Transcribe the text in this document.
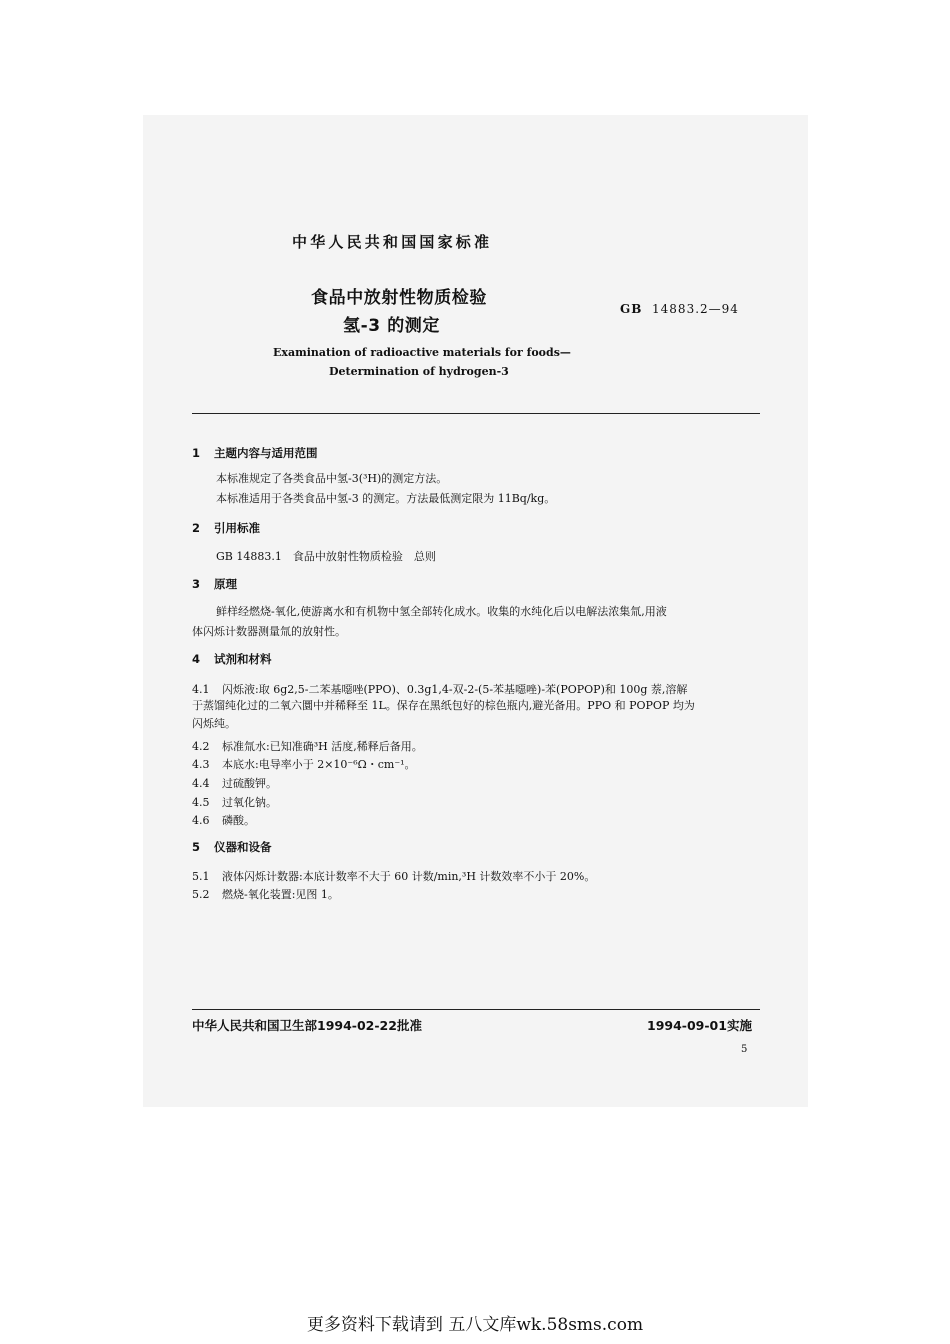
中华人民共和国国家标准
食品中放射性物质检验
氢-3 的测定
GB 14883.2—94
Examination of radioactive materials for foods—
Determination of hydrogen-3
1 主题内容与适用范围
本标准规定了各类食品中氢-3(³H)的测定方法。
本标准适用于各类食品中氢-3 的测定。方法最低测定限为 11Bq/kg。
2 引用标准
GB 14883.1　食品中放射性物质检验　总则
3 原理
鲜样经燃烧-氧化,使游离水和有机物中氢全部转化成水。收集的水纯化后以电解法浓集氚,用液
体闪烁计数器测量氚的放射性。
4 试剂和材料
4.1 闪烁液:取 6g2,5-二苯基噁唑(PPO)、0.3g1,4-双-2-(5-苯基噁唑)-苯(POPOP)和 100g 萘,溶解
于蒸馏纯化过的二氧六圜中并稀释至 1L。保存在黑纸包好的棕色瓶内,避光备用。PPO 和 POPOP 均为
闪烁纯。
4.2 标准氚水:已知准确³H 活度,稀释后备用。
4.3 本底水:电导率小于 2×10⁻⁶Ω・cm⁻¹。
4.4 过硫酸钾。
4.5 过氧化钠。
4.6 磷酸。
5 仪器和设备
5.1 液体闪烁计数器:本底计数率不大于 60 计数/min,³H 计数效率不小于 20%。
5.2 燃烧-氧化装置:见图 1。
中华人民共和国卫生部1994-02-22批准	1994-09-01实施
5
更多资料下载请到 五八文库wk.58sms.com
